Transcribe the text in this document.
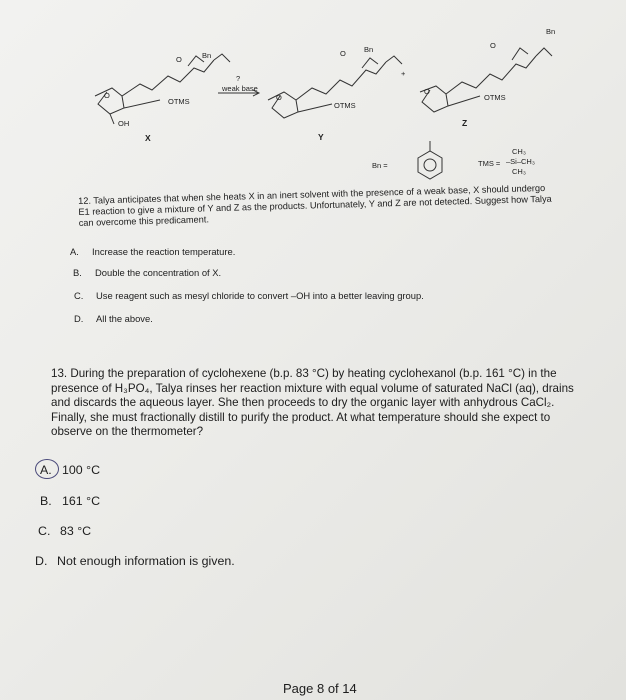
Bn
O
O
OTMS
OH
X
?
weak base
Bn
O
O
OTMS
Y
+
Bn
O
O
OTMS
Z
Bn =	TMS =
CH₃
–Si–CH₃
CH₃
12. Talya anticipates that when she heats X in an inert solvent with the presence of a weak base, X should undergo E1 reaction to give a mixture of Y and Z as the products. Unfortunately, Y and Z are not detected. Suggest how Talya can overcome this predicament.
A. Increase the reaction temperature.
B. Double the concentration of X.
C. Use reagent such as mesyl chloride to convert –OH into a better leaving group.
D. All the above.
13. During the preparation of cyclohexene (b.p. 83 °C) by heating cyclohexanol (b.p. 161 °C) in the presence of H₃PO₄, Talya rinses her reaction mixture with equal volume of saturated NaCl (aq), drains and discards the aqueous layer. She then proceeds to dry the organic layer with anhydrous CaCl₂. Finally, she must fractionally distill to purify the product. At what temperature should she expect to observe on the thermometer?
A. 100 °C
B. 161 °C
C. 83 °C
D. Not enough information is given.
Page 8 of 14
